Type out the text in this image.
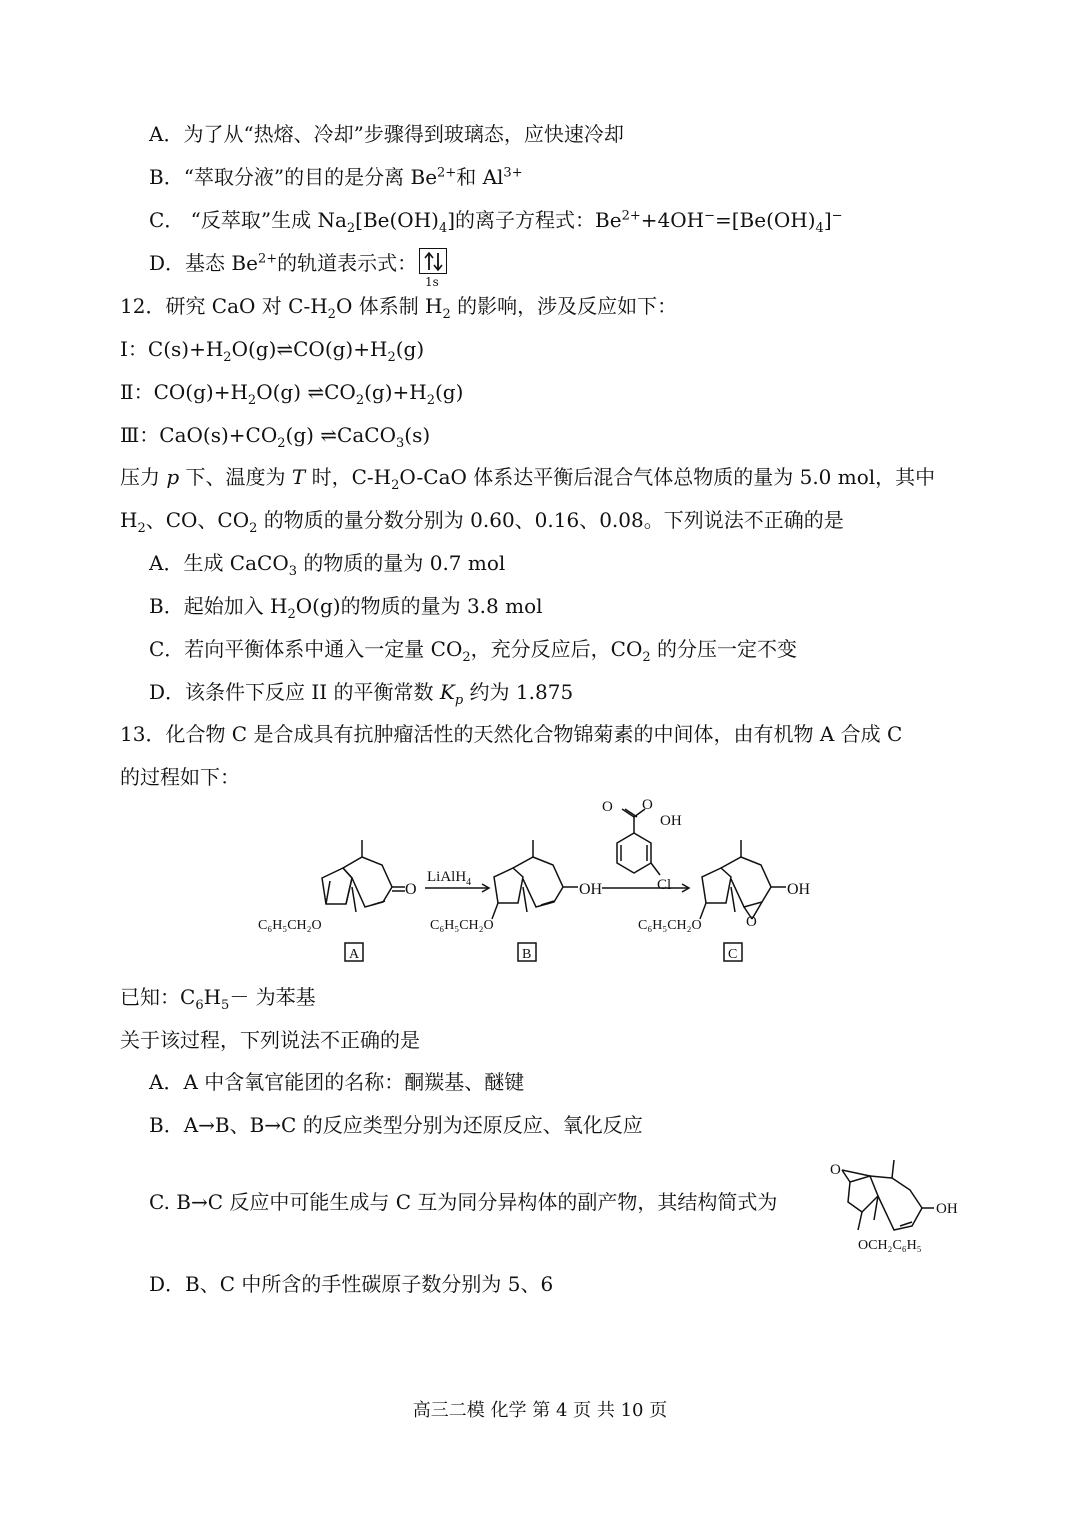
A．为了从“热熔、冷却”步骤得到玻璃态，应快速冷却
B．“萃取分液”的目的是分离 $Be^{2+}$和 $Al^{3+}$
C． “反萃取”生成 $Na_2[Be(OH)_4]$的离子方程式：$Be^{2+}+4OH^-=[Be(OH)_4]^-$
D．基态 $Be^{2+}$的轨道表示式：
1s
12．研究 CaO 对 $C-H_2O$ 体系制 $H_2$ 的影响，涉及反应如下：
Ⅰ：$C(s)+H_2O(g)\rightleftharpoons CO(g)+H_2(g)$
Ⅱ：$CO(g)+H_2O(g)$ $\rightleftharpoons CO_2(g)+H_2(g)$
Ⅲ：$CaO(s)+CO_2(g)$ ⇌CaCO$_3$(s)
压力 p 下、温度为 T 时，$C-H_2O$-CaO 体系达平衡后混合气体总物质的量为 5.0 mol，其中
$H_2$、CO、$CO_2$ 的物质的量分数分别为 0.60、0.16、0.08。下列说法不正确的是
A．生成 CaCO$_3$ 的物质的量为 0.7 mol
B．起始加入 $H_2O(g)$的物质的量为 3.8 mol
C．若向平衡体系中通入一定量 $CO_2$，充分反应后，$CO_2$ 的分压一定不变
D．该条件下反应 II 的平衡常数 $K_p$ 约为 1.875
13．化合物 C 是合成具有抗肿瘤活性的天然化合物锦菊素的中间体，由有机物 A 合成 C
的过程如下：
O
C₆H₅CH₂O
LiAlH$_4$	OH
C₆H₅CH₂O
O O
OH
Cl	OH
O
C₆H₅CH₂O
A	B	C
已知：$C_6H_5-$ 为苯基
关于该过程，下列说法不正确的是
A．A 中含氧官能团的名称：酮羰基、醚键
B．A→B、B→C 的反应类型分别为还原反应、氧化反应
C. B→C 反应中可能生成与 C 互为同分异构体的副产物，其结构简式为
O
OH
OCH₂C₆H₅
D．B、C 中所含的手性碳原子数分别为 5、6
高三二模 化学 第 4 页 共 10 页
